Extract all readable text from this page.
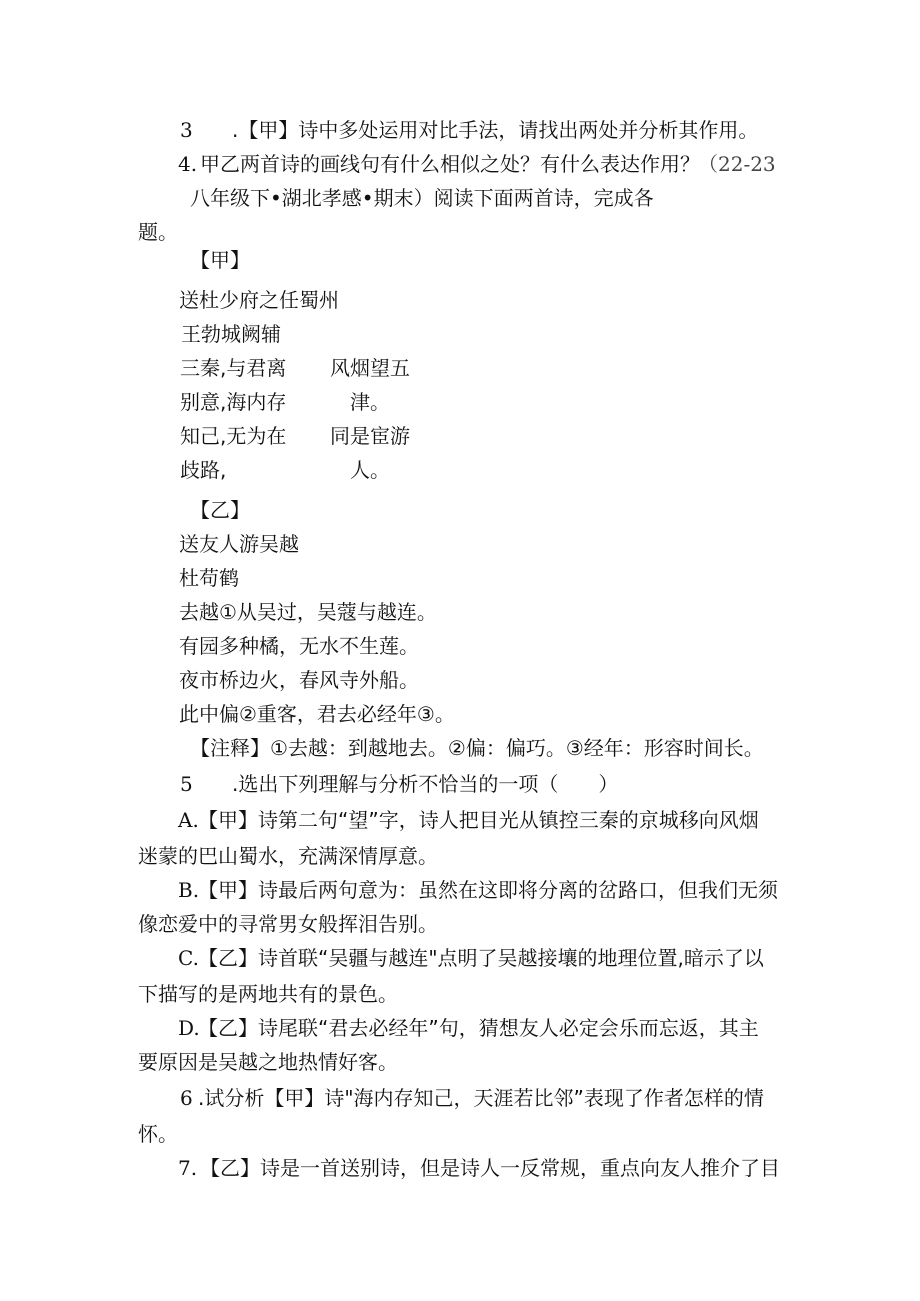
3 .【甲】诗中多处运用对比手法，请找出两处并分析其作用。
4. 甲乙两首诗的画线句有什么相似之处？有什么表达作用？
（22-23
八年级下•湖北孝感•期末）阅读下面两首诗，完成各
题。
【甲】
送杜少府之任蜀州
王勃城阙辅
三秦,与君离 风烟望五
别意,海内存	津。
知己,无为在 同是宦游
歧路,	人。
【乙】
送友人游吴越
杜苟鹤
去越①从吴过，吴蔻与越连。
有园多种橘，无水不生莲。
夜市桥边火，春风寺外船。
此中偏②重客，君去必经年③。
【注释】①去越：到越地去。②偏：偏巧。③经年：形容时间长。
5 .选出下列理解与分析不恰当的一项（　　）
A. 【甲】诗第二句“望”字，诗人把目光从镇控三秦的京城移向风烟
迷蒙的巴山蜀水，充满深情厚意。
B.
【甲】诗最后两句意为：虽然在这即将分离的岔路口，但我们无须
像恋爱中的寻常男女般挥泪告别。
C. 【乙】诗首联“吴疆与越连"点明了吴越接壤的地理位置,暗示了以
下描写的是两地共有的景色。
D.
【乙】诗尾联“君去必经年”句，猜想友人必定会乐而忘返，其主
要原因是吴越之地热情好客。
6 .试分析【甲】诗"海内存知己，天涯若比邻”表现了作者怎样的情
怀。
7. 【乙】诗是一首送别诗，但是诗人一反常规，重点向友人推介了目
